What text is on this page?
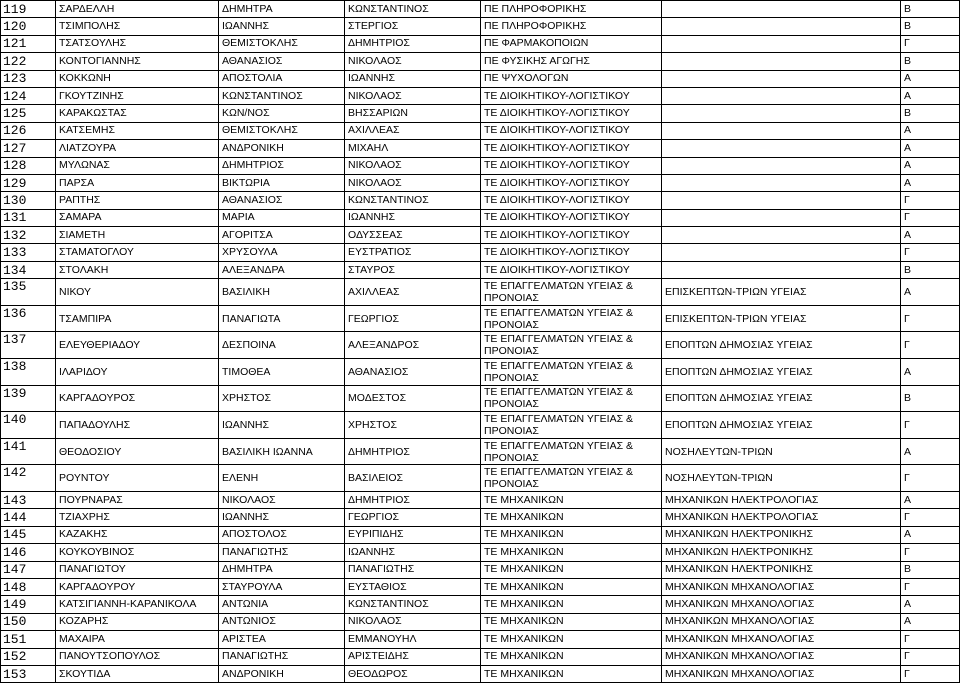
119	ΣΑΡΔΕΛΛΗ	ΔΗΜΗΤΡΑ	ΚΩΝΣΤΑΝΤΙΝΟΣ	ΠΕ ΠΛΗΡΟΦΟΡΙΚΗΣ		Β
120	ΤΣΙΜΠΟΛΗΣ	ΙΩΑΝΝΗΣ	ΣΤΕΡΓΙΟΣ	ΠΕ ΠΛΗΡΟΦΟΡΙΚΗΣ		Β
121	ΤΣΑΤΣΟΥΛΗΣ	ΘΕΜΙΣΤΟΚΛΗΣ	ΔΗΜΗΤΡΙΟΣ	ΠΕ ΦΑΡΜΑΚΟΠΟΙΩΝ		Γ
122	ΚΟΝΤΟΓΙΑΝΝΗΣ	ΑΘΑΝΑΣΙΟΣ	ΝΙΚΟΛΑΟΣ	ΠΕ ΦΥΣΙΚΗΣ ΑΓΩΓΗΣ		Β
123	ΚΟΚΚΩΝΗ	ΑΠΟΣΤΟΛΙΑ	ΙΩΑΝΝΗΣ	ΠΕ ΨΥΧΟΛΟΓΩΝ		Α
124	ΓΚΟΥΤΖΙΝΗΣ	ΚΩΝΣΤΑΝΤΙΝΟΣ	ΝΙΚΟΛΑΟΣ	ΤΕ ΔΙΟΙΚΗΤΙΚΟΥ-ΛΟΓΙΣΤΙΚΟΥ		Α
125	ΚΑΡΑΚΩΣΤΑΣ	ΚΩΝ/ΝΟΣ	ΒΗΣΣΑΡΙΩΝ	ΤΕ ΔΙΟΙΚΗΤΙΚΟΥ-ΛΟΓΙΣΤΙΚΟΥ		Β
126	ΚΑΤΣΕΜΗΣ	ΘΕΜΙΣΤΟΚΛΗΣ	ΑΧΙΛΛΕΑΣ	ΤΕ ΔΙΟΙΚΗΤΙΚΟΥ-ΛΟΓΙΣΤΙΚΟΥ		Α
127	ΛΙΑΤΖΟΥΡΑ	ΑΝΔΡΟΝΙΚΗ	ΜΙΧΑΗΛ	ΤΕ ΔΙΟΙΚΗΤΙΚΟΥ-ΛΟΓΙΣΤΙΚΟΥ		Α
128	ΜΥΛΩΝΑΣ	ΔΗΜΗΤΡΙΟΣ	ΝΙΚΟΛΑΟΣ	ΤΕ ΔΙΟΙΚΗΤΙΚΟΥ-ΛΟΓΙΣΤΙΚΟΥ		Α
129	ΠΑΡΣΑ	ΒΙΚΤΩΡΙΑ	ΝΙΚΟΛΑΟΣ	ΤΕ ΔΙΟΙΚΗΤΙΚΟΥ-ΛΟΓΙΣΤΙΚΟΥ		Α
130	ΡΑΠΤΗΣ	ΑΘΑΝΑΣΙΟΣ	ΚΩΝΣΤΑΝΤΙΝΟΣ	ΤΕ ΔΙΟΙΚΗΤΙΚΟΥ-ΛΟΓΙΣΤΙΚΟΥ		Γ
131	ΣΑΜΑΡΑ	ΜΑΡΙΑ	ΙΩΑΝΝΗΣ	ΤΕ ΔΙΟΙΚΗΤΙΚΟΥ-ΛΟΓΙΣΤΙΚΟΥ		Γ
132	ΣΙΑΜΕΤΗ	ΑΓΟΡΙΤΣΑ	ΟΔΥΣΣΕΑΣ	ΤΕ ΔΙΟΙΚΗΤΙΚΟΥ-ΛΟΓΙΣΤΙΚΟΥ		Α
133	ΣΤΑΜΑΤΟΓΛΟΥ	ΧΡΥΣΟΥΛΑ	ΕΥΣΤΡΑΤΙΟΣ	ΤΕ ΔΙΟΙΚΗΤΙΚΟΥ-ΛΟΓΙΣΤΙΚΟΥ		Γ
134	ΣΤΟΛΑΚΗ	ΑΛΕΞΑΝΔΡΑ	ΣΤΑΥΡΟΣ	ΤΕ ΔΙΟΙΚΗΤΙΚΟΥ-ΛΟΓΙΣΤΙΚΟΥ		Β
135	ΝΙΚΟΥ	ΒΑΣΙΛΙΚΗ	ΑΧΙΛΛΕΑΣ	ΤΕ ΕΠΑΓΓΕΛΜΑΤΩΝ ΥΓΕΙΑΣ & ΠΡΟΝΟΙΑΣ	ΕΠΙΣΚΕΠΤΩΝ-ΤΡΙΩΝ ΥΓΕΙΑΣ	Α
136	ΤΣΑΜΠΙΡΑ	ΠΑΝΑΓΙΩΤΑ	ΓΕΩΡΓΙΟΣ	ΤΕ ΕΠΑΓΓΕΛΜΑΤΩΝ ΥΓΕΙΑΣ & ΠΡΟΝΟΙΑΣ	ΕΠΙΣΚΕΠΤΩΝ-ΤΡΙΩΝ ΥΓΕΙΑΣ	Γ
137	ΕΛΕΥΘΕΡΙΑΔΟΥ	ΔΕΣΠΟΙΝΑ	ΑΛΕΞΑΝΔΡΟΣ	ΤΕ ΕΠΑΓΓΕΛΜΑΤΩΝ ΥΓΕΙΑΣ & ΠΡΟΝΟΙΑΣ	ΕΠΟΠΤΩΝ ΔΗΜΟΣΙΑΣ ΥΓΕΙΑΣ	Γ
138	ΙΛΑΡΙΔΟΥ	ΤΙΜΟΘΕΑ	ΑΘΑΝΑΣΙΟΣ	ΤΕ ΕΠΑΓΓΕΛΜΑΤΩΝ ΥΓΕΙΑΣ & ΠΡΟΝΟΙΑΣ	ΕΠΟΠΤΩΝ ΔΗΜΟΣΙΑΣ ΥΓΕΙΑΣ	Α
139	ΚΑΡΓΑΔΟΥΡΟΣ	ΧΡΗΣΤΟΣ	ΜΟΔΕΣΤΟΣ	ΤΕ ΕΠΑΓΓΕΛΜΑΤΩΝ ΥΓΕΙΑΣ & ΠΡΟΝΟΙΑΣ	ΕΠΟΠΤΩΝ ΔΗΜΟΣΙΑΣ ΥΓΕΙΑΣ	Β
140	ΠΑΠΑΔΟΥΛΗΣ	ΙΩΑΝΝΗΣ	ΧΡΗΣΤΟΣ	ΤΕ ΕΠΑΓΓΕΛΜΑΤΩΝ ΥΓΕΙΑΣ & ΠΡΟΝΟΙΑΣ	ΕΠΟΠΤΩΝ ΔΗΜΟΣΙΑΣ ΥΓΕΙΑΣ	Γ
141	ΘΕΟΔΟΣΙΟΥ	ΒΑΣΙΛΙΚΗ ΙΩΑΝΝΑ	ΔΗΜΗΤΡΙΟΣ	ΤΕ ΕΠΑΓΓΕΛΜΑΤΩΝ ΥΓΕΙΑΣ & ΠΡΟΝΟΙΑΣ	ΝΟΣΗΛΕΥΤΩΝ-ΤΡΙΩΝ	Α
142	ΡΟΥΝΤΟΥ	ΕΛΕΝΗ	ΒΑΣΙΛΕΙΟΣ	ΤΕ ΕΠΑΓΓΕΛΜΑΤΩΝ ΥΓΕΙΑΣ & ΠΡΟΝΟΙΑΣ	ΝΟΣΗΛΕΥΤΩΝ-ΤΡΙΩΝ	Γ
143	ΠΟΥΡΝΑΡΑΣ	ΝΙΚΟΛΑΟΣ	ΔΗΜΗΤΡΙΟΣ	ΤΕ ΜΗΧΑΝΙΚΩΝ	ΜΗΧΑΝΙΚΩΝ ΗΛΕΚΤΡΟΛΟΓΙΑΣ	Α
144	ΤΖΙΑΧΡΗΣ	ΙΩΑΝΝΗΣ	ΓΕΩΡΓΙΟΣ	ΤΕ ΜΗΧΑΝΙΚΩΝ	ΜΗΧΑΝΙΚΩΝ ΗΛΕΚΤΡΟΛΟΓΙΑΣ	Γ
145	ΚΑΖΑΚΗΣ	ΑΠΟΣΤΟΛΟΣ	ΕΥΡΙΠΙΔΗΣ	ΤΕ ΜΗΧΑΝΙΚΩΝ	ΜΗΧΑΝΙΚΩΝ ΗΛΕΚΤΡΟΝΙΚΗΣ	Α
146	ΚΟΥΚΟΥΒΙΝΟΣ	ΠΑΝΑΓΙΩΤΗΣ	ΙΩΑΝΝΗΣ	ΤΕ ΜΗΧΑΝΙΚΩΝ	ΜΗΧΑΝΙΚΩΝ ΗΛΕΚΤΡΟΝΙΚΗΣ	Γ
147	ΠΑΝΑΓΙΩΤΟΥ	ΔΗΜΗΤΡΑ	ΠΑΝΑΓΙΩΤΗΣ	ΤΕ ΜΗΧΑΝΙΚΩΝ	ΜΗΧΑΝΙΚΩΝ ΗΛΕΚΤΡΟΝΙΚΗΣ	Β
148	ΚΑΡΓΑΔΟΥΡΟΥ	ΣΤΑΥΡΟΥΛΑ	ΕΥΣΤΑΘΙΟΣ	ΤΕ ΜΗΧΑΝΙΚΩΝ	ΜΗΧΑΝΙΚΩΝ ΜΗΧΑΝΟΛΟΓΙΑΣ	Γ
149	ΚΑΤΣΙΓΙΑΝΝΗ-ΚΑΡΑΝΙΚΟΛΑ	ΑΝΤΩΝΙΑ	ΚΩΝΣΤΑΝΤΙΝΟΣ	ΤΕ ΜΗΧΑΝΙΚΩΝ	ΜΗΧΑΝΙΚΩΝ ΜΗΧΑΝΟΛΟΓΙΑΣ	Α
150	ΚΟΖΑΡΗΣ	ΑΝΤΩΝΙΟΣ	ΝΙΚΟΛΑΟΣ	ΤΕ ΜΗΧΑΝΙΚΩΝ	ΜΗΧΑΝΙΚΩΝ ΜΗΧΑΝΟΛΟΓΙΑΣ	Α
151	ΜΑΧΑΙΡΑ	ΑΡΙΣΤΕΑ	ΕΜΜΑΝΟΥΗΛ	ΤΕ ΜΗΧΑΝΙΚΩΝ	ΜΗΧΑΝΙΚΩΝ ΜΗΧΑΝΟΛΟΓΙΑΣ	Γ
152	ΠΑΝΟΥΤΣΟΠΟΥΛΟΣ	ΠΑΝΑΓΙΩΤΗΣ	ΑΡΙΣΤΕΙΔΗΣ	ΤΕ ΜΗΧΑΝΙΚΩΝ	ΜΗΧΑΝΙΚΩΝ ΜΗΧΑΝΟΛΟΓΙΑΣ	Γ
153	ΣΚΟΥΤΙΔΑ	ΑΝΔΡΟΝΙΚΗ	ΘΕΟΔΩΡΟΣ	ΤΕ ΜΗΧΑΝΙΚΩΝ	ΜΗΧΑΝΙΚΩΝ ΜΗΧΑΝΟΛΟΓΙΑΣ	Γ
